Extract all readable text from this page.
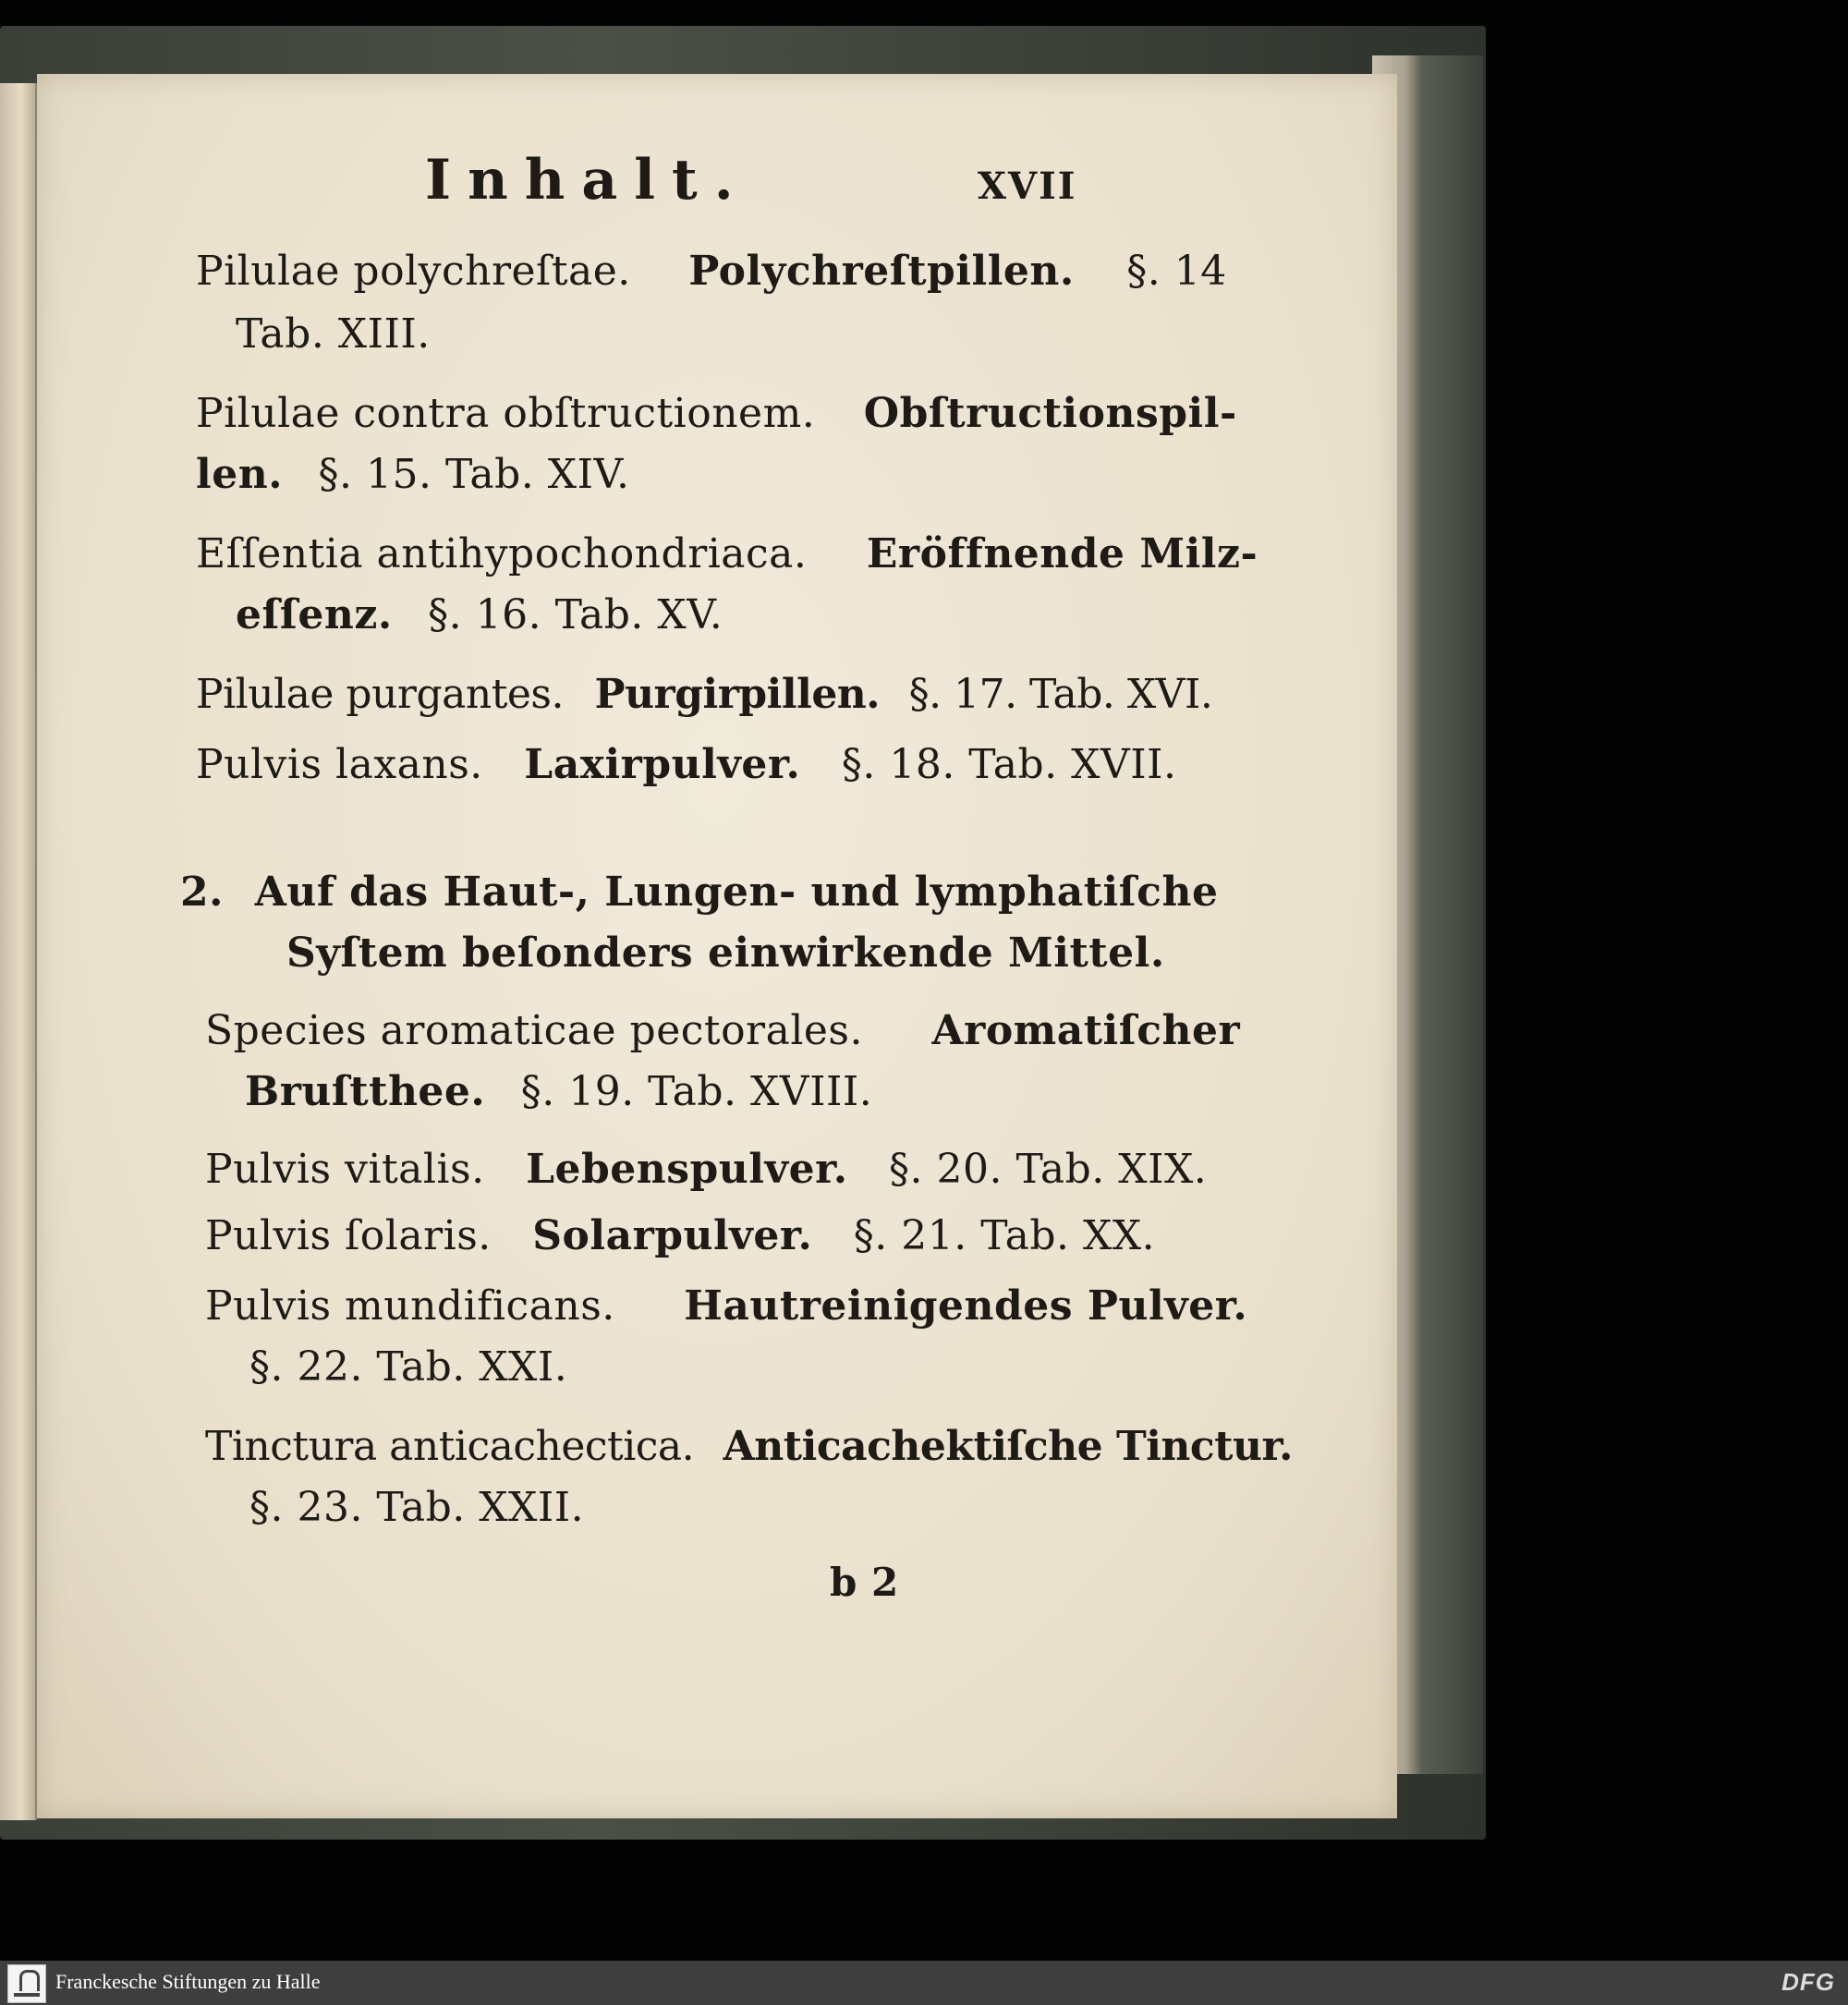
Inhalt.	XVII
Pilulae polychreſtae. Polychreſtpillen. §. 14
Tab. XIII.
Pilulae contra obſtructionem. Obſtructionspil-
len. §. 15. Tab. XIV.
Eſſentia antihypochondriaca. Eröffnende Milz-
eſſenz. §. 16. Tab. XV.
Pilulae purgantes. Purgirpillen. §. 17. Tab. XVI.
Pulvis laxans. Laxirpulver. §. 18. Tab. XVII.
2. Auf das Haut-, Lungen- und lymphatiſche
Syſtem beſonders einwirkende Mittel.
Species aromaticae pectorales. Aromatiſcher
Bruſtthee. §. 19. Tab. XVIII.
Pulvis vitalis. Lebenspulver. §. 20. Tab. XIX.
Pulvis ſolaris. Solarpulver. §. 21. Tab. XX.
Pulvis mundificans. Hautreinigendes Pulver.
§. 22. Tab. XXI.
Tinctura anticachectica. Anticachektiſche Tinctur.
§. 23. Tab. XXII.
b 2
Franckesche Stiftungen zu Halle	DFG
